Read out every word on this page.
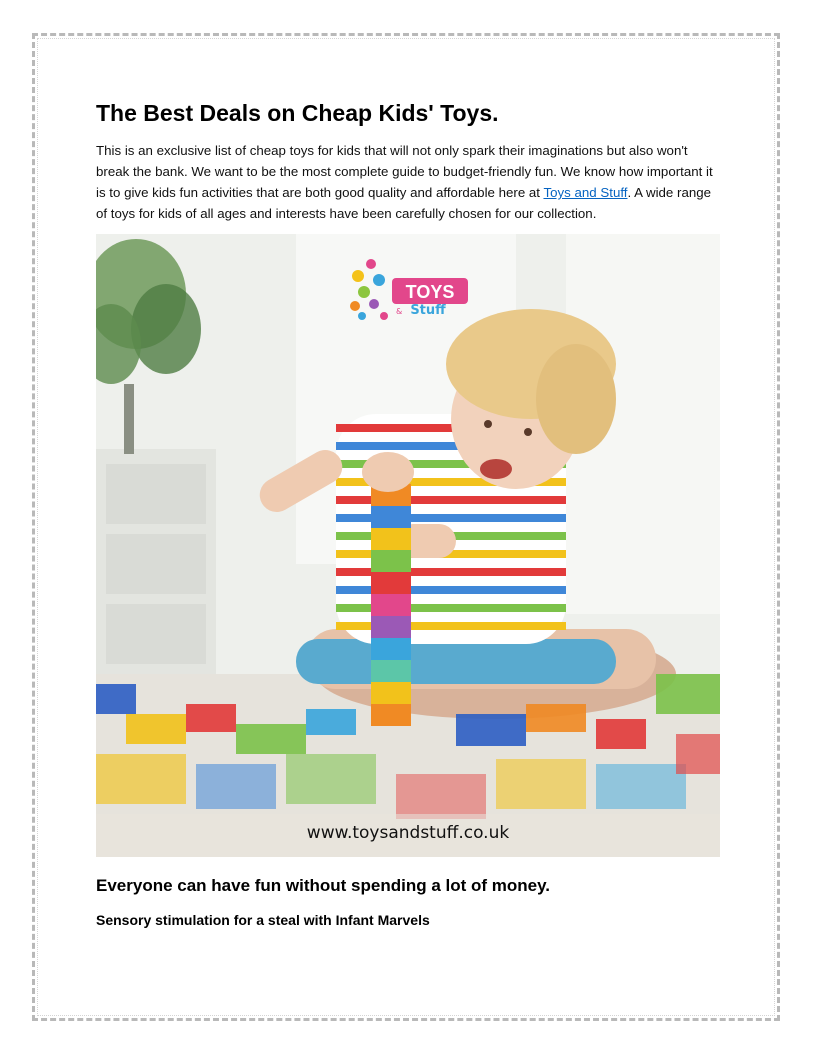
The Best Deals on Cheap Kids' Toys.

This is an exclusive list of cheap toys for kids that will not only spark their imaginations but also won't break the bank. We want to be the most complete guide to budget-friendly fun. We know how important it is to give kids fun activities that are both good quality and affordable here at Toys and Stuff. A wide range of toys for kids of all ages and interests have been carefully chosen for our collection.

TOYS
& Stuff
www.toysandstuff.co.uk
Everyone can have fun without spending a lot of money.
Sensory stimulation for a steal with Infant Marvels
